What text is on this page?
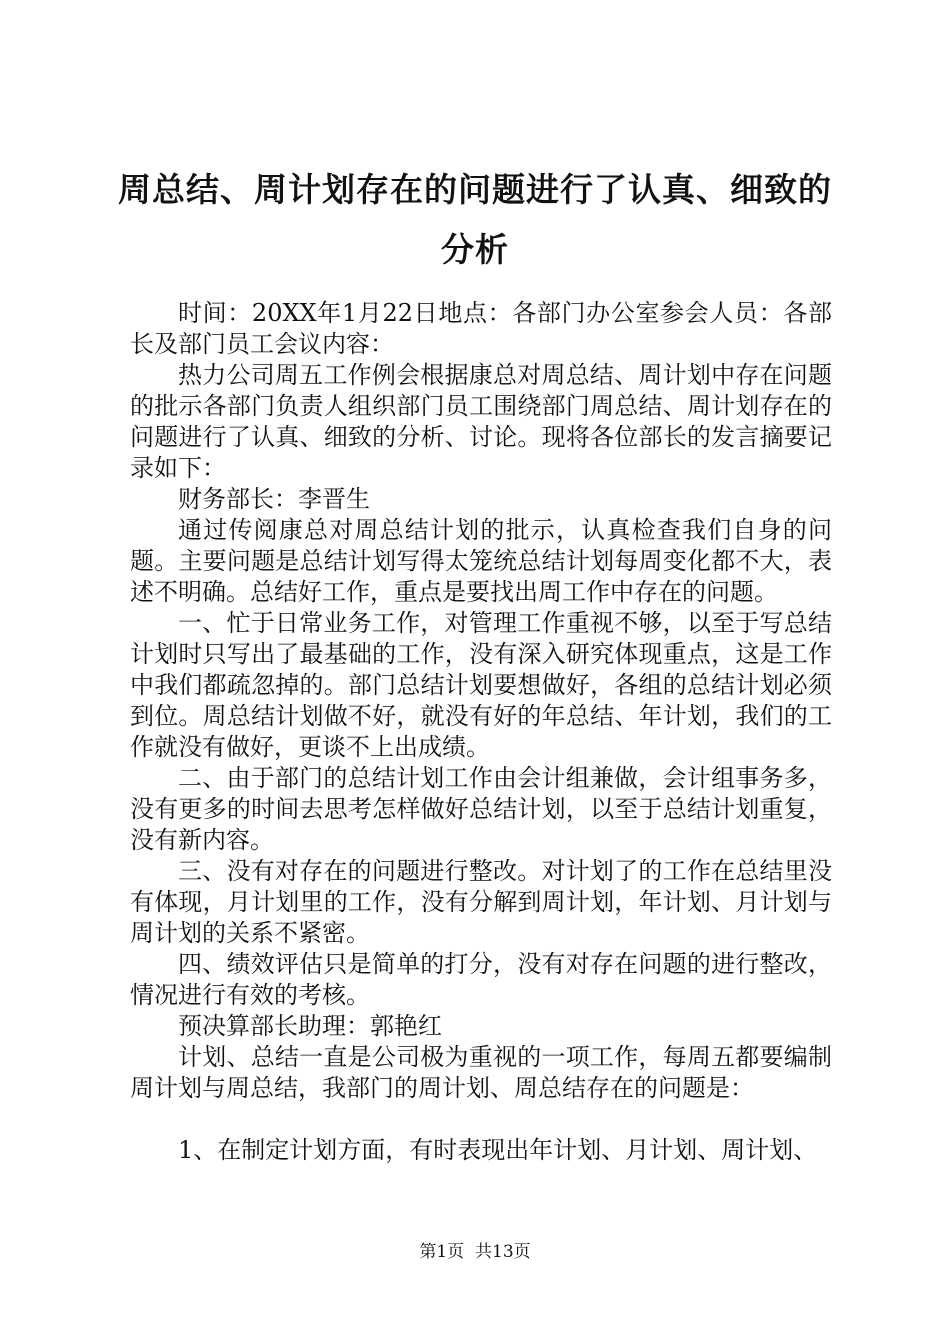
周总结、周计划存在的问题进行了认真、细致的分析

时间：20XX年1月22日地点：各部门办公室参会人员：各部长及部门员工会议内容：

热力公司周五工作例会根据康总对周总结、周计划中存在问题的批示各部门负责人组织部门员工围绕部门周总结、周计划存在的问题进行了认真、细致的分析、讨论。现将各位部长的发言摘要记录如下：

财务部长：李晋生

通过传阅康总对周总结计划的批示，认真检查我们自身的问题。主要问题是总结计划写得太笼统总结计划每周变化都不大，表述不明确。总结好工作，重点是要找出周工作中存在的问题。

一、忙于日常业务工作，对管理工作重视不够，以至于写总结计划时只写出了最基础的工作，没有深入研究体现重点，这是工作中我们都疏忽掉的。部门总结计划要想做好，各组的总结计划必须到位。周总结计划做不好，就没有好的年总结、年计划，我们的工作就没有做好，更谈不上出成绩。

二、由于部门的总结计划工作由会计组兼做，会计组事务多，没有更多的时间去思考怎样做好总结计划，以至于总结计划重复，没有新内容。

三、没有对存在的问题进行整改。对计划了的工作在总结里没有体现，月计划里的工作，没有分解到周计划，年计划、月计划与周计划的关系不紧密。

四、绩效评估只是简单的打分，没有对存在问题的进行整改，情况进行有效的考核。

预决算部长助理：郭艳红

计划、总结一直是公司极为重视的一项工作，每周五都要编制周计划与周总结，我部门的周计划、周总结存在的问题是：

1、在制定计划方面，有时表现出年计划、月计划、周计划、

第1页 共13页
